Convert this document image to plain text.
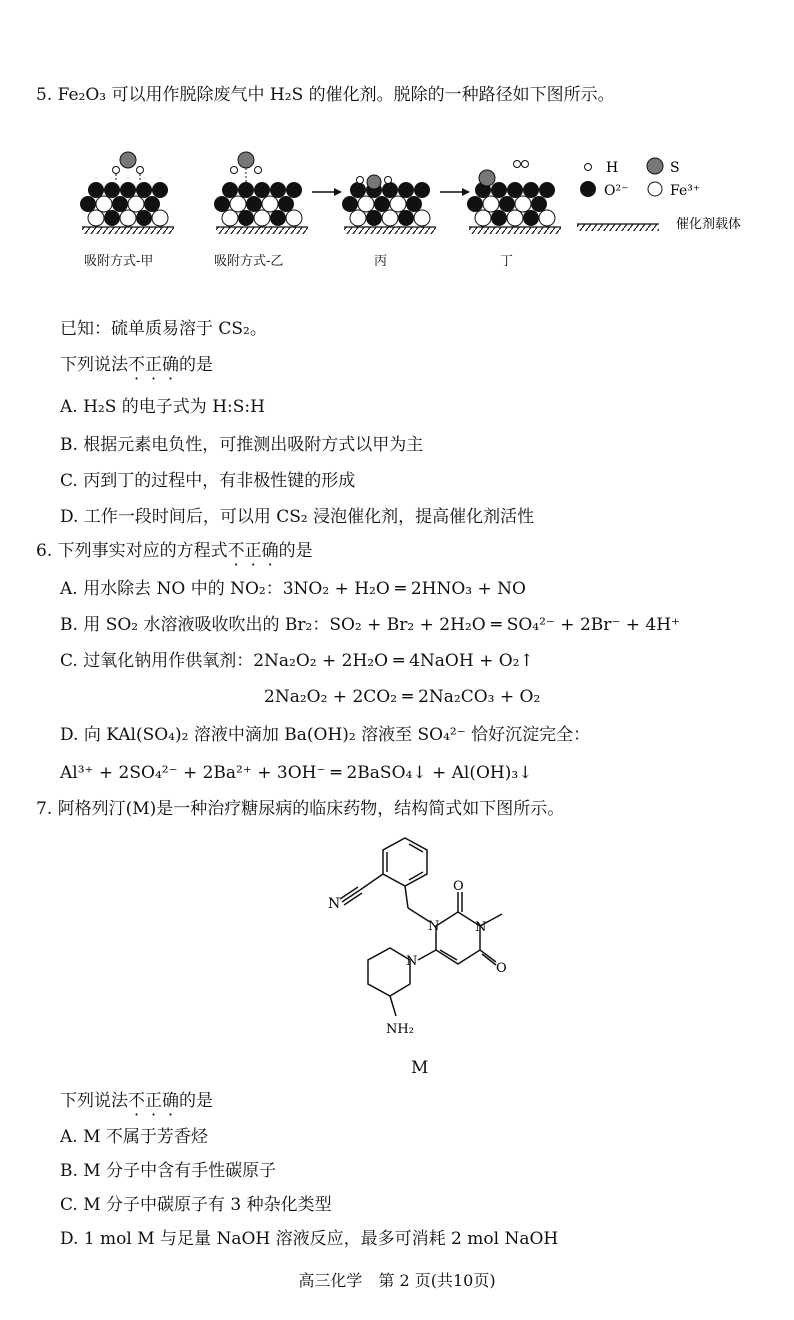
5. Fe₂O₃ 可以用作脱除废气中 H₂S 的催化剂。脱除的一种路径如下图所示。
H	S
O²⁻	Fe³⁺
催化剂载体
吸附方式-甲	吸附方式-乙	丙	丁
已知：硫单质易溶于 CS₂。
下列说法不正确的是
A. H₂S 的电子式为 H:S:H
B. 根据元素电负性，可推测出吸附方式以甲为主
C. 丙到丁的过程中，有非极性键的形成
D. 工作一段时间后，可以用 CS₂ 浸泡催化剂，提高催化剂活性
6. 下列事实对应的方程式不正确的是
A. 用水除去 NO 中的 NO₂：3NO₂ + H₂O ═ 2HNO₃ + NO
B. 用 SO₂ 水溶液吸收吹出的 Br₂：SO₂ + Br₂ + 2H₂O ═ SO₄²⁻ + 2Br⁻ + 4H⁺
C. 过氧化钠用作供氧剂：2Na₂O₂ + 2H₂O ═ 4NaOH + O₂↑
2Na₂O₂ + 2CO₂ ═ 2Na₂CO₃ + O₂
D. 向 KAl(SO₄)₂ 溶液中滴加 Ba(OH)₂ 溶液至 SO₄²⁻ 恰好沉淀完全：
Al³⁺ + 2SO₄²⁻ + 2Ba²⁺ + 3OH⁻ ═ 2BaSO₄↓ + Al(OH)₃↓
7. 阿格列汀(M)是一种治疗糖尿病的临床药物，结构简式如下图所示。
N
N
O
N
O
N
NH₂
M
下列说法不正确的是
A. M 不属于芳香烃
B. M 分子中含有手性碳原子
C. M 分子中碳原子有 3 种杂化类型
D. 1 mol M 与足量 NaOH 溶液反应，最多可消耗 2 mol NaOH
高三化学　第 2 页(共10页)
